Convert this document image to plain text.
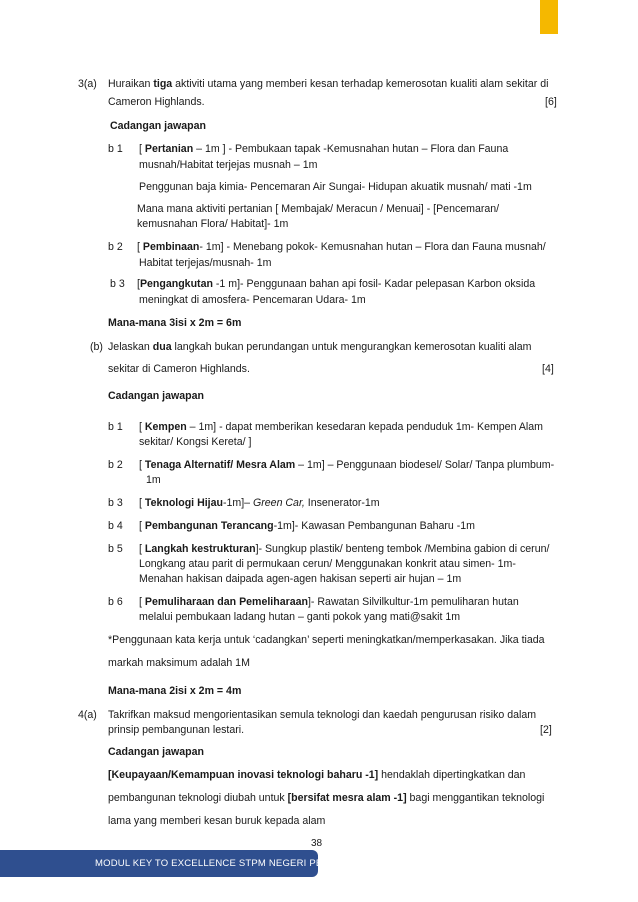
3(a) Huraikan tiga aktiviti utama yang memberi kesan terhadap kemerosotan kualiti alam sekitar di
Cameron Highlands.	[6]
Cadangan jawapan
b 1 [ Pertanian – 1m ] - Pembukaan tapak -Kemusnahan hutan – Flora dan Fauna
musnah/Habitat terjejas musnah – 1m
Penggunan baja kimia- Pencemaran Air Sungai- Hidupan akuatik musnah/ mati -1m
Mana mana aktiviti pertanian [ Membajak/ Meracun / Menuai] - [Pencemaran/
kemusnahan Flora/ Habitat]- 1m
b 2 [ Pembinaan- 1m] - Menebang pokok- Kemusnahan hutan – Flora dan Fauna musnah/
Habitat terjejas/musnah- 1m
b 3 [Pengangkutan -1 m]- Penggunaan bahan api fosil- Kadar pelepasan Karbon oksida
meningkat di amosfera- Pencemaran Udara- 1m
Mana-mana 3isi x 2m = 6m
(b) Jelaskan dua langkah bukan perundangan untuk mengurangkan kemerosotan kualiti alam
sekitar di Cameron Highlands.	[4]
Cadangan jawapan
b 1 [ Kempen – 1m] - dapat memberikan kesedaran kepada penduduk 1m- Kempen Alam
sekitar/ Kongsi Kereta/ ]
b 2 [ Tenaga Alternatif/ Mesra Alam – 1m] – Penggunaan biodesel/ Solar/ Tanpa plumbum-
1m
b 3 [ Teknologi Hijau-1m]– Green Car, Insenerator-1m
b 4 [ Pembangunan Terancang-1m]- Kawasan Pembangunan Baharu -1m
b 5 [ Langkah kestrukturan]- Sungkup plastik/ benteng tembok /Membina gabion di cerun/
Longkang atau parit di permukaan cerun/ Menggunakan konkrit atau simen- 1m-
Menahan hakisan daipada agen-agen hakisan seperti air hujan – 1m
b 6 [ Pemuliharaan dan Pemeliharaan]- Rawatan Silvilkultur-1m pemuliharan hutan
melalui pembukaan ladang hutan – ganti pokok yang mati@sakit 1m
*Penggunaan kata kerja untuk ‘cadangkan’ seperti meningkatkan/memperkasakan. Jika tiada
markah maksimum adalah 1M
Mana-mana 2isi x 2m = 4m
4(a) Takrifkan maksud mengorientasikan semula teknologi dan kaedah pengurusan risiko dalam
prinsip pembangunan lestari.	[2]
Cadangan jawapan
[Keupayaan/Kemampuan inovasi teknologi baharu -1] hendaklah dipertingkatkan dan
pembangunan teknologi diubah untuk [bersifat mesra alam -1] bagi menggantikan teknologi
lama yang memberi kesan buruk kepada alam
38
MODUL KEY TO EXCELLENCE STPM NEGERI PERAK
